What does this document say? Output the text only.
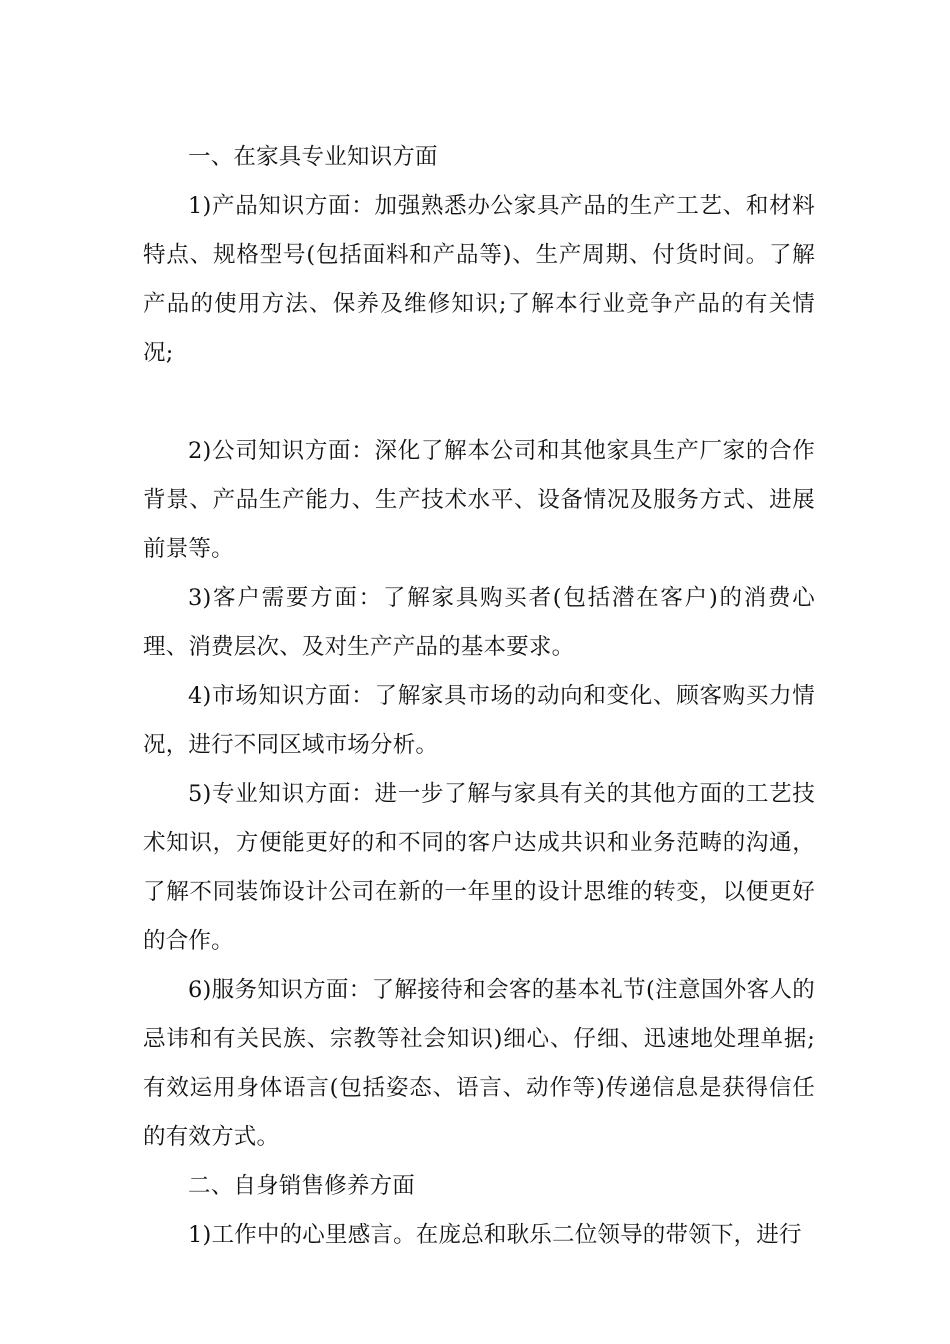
一、在家具专业知识方面

1)产品知识方面：加强熟悉办公家具产品的生产工艺、和材料特点、规格型号(包括面料和产品等)、生产周期、付货时间。了解产品的使用方法、保养及维修知识;了解本行业竞争产品的有关情况;

2)公司知识方面：深化了解本公司和其他家具生产厂家的合作背景、产品生产能力、生产技术水平、设备情况及服务方式、进展前景等。

3)客户需要方面：了解家具购买者(包括潜在客户)的消费心理、消费层次、及对生产产品的基本要求。

4)市场知识方面：了解家具市场的动向和变化、顾客购买力情况，进行不同区域市场分析。

5)专业知识方面：进一步了解与家具有关的其他方面的工艺技术知识，方便能更好的和不同的客户达成共识和业务范畴的沟通，了解不同装饰设计公司在新的一年里的设计思维的转变，以便更好的合作。

6)服务知识方面：了解接待和会客的基本礼节(注意国外客人的忌讳和有关民族、宗教等社会知识)细心、仔细、迅速地处理单据;有效运用身体语言(包括姿态、语言、动作等)传递信息是获得信任的有效方式。

二、自身销售修养方面

1)工作中的心里感言。在庞总和耿乐二位领导的带领下，进行
